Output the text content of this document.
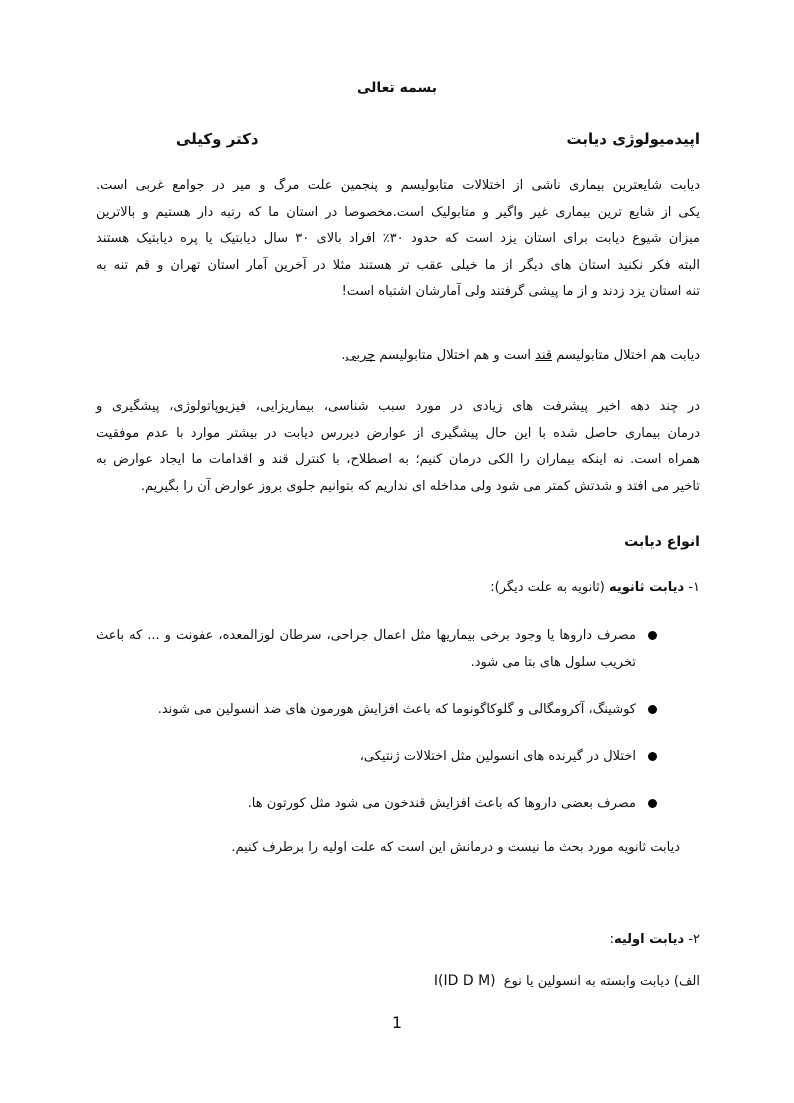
بسمه تعالی
اپیدمیولوژی دیابت
دکتر وکیلی
دیابت شایعترین بیماری ناشی از اختلالات متابولیسم و پنجمین علت مرگ و میر در جوامع غربی است.
یکی از شایع ترین بیماری غیر واگیر و متابولیک است.مخصوصا در استان ما که رتبه دار هستیم و بالاترین
میزان شیوع دیابت برای استان یزد است که حدود ۳۰٪ افراد بالای ۳۰ سال دیابتیک یا پره دیابتیک هستند
البته فکر نکنید استان های دیگر از ما خیلی عقب تر هستند مثلا در آخرین آمار استان تهران و قم تنه به
تنه استان یزد زدند و از ما پیشی گرفتند ولی آمارشان اشتباه است!
دیابت هم اختلال متابولیسم قند است و هم اختلال متابولیسم چربی.
در چند دهه اخیر پیشرفت های زیادی در مورد سبب شناسی، بیماریزایی، فیزیوپاتولوژی، پیشگیری و
درمان بیماری حاصل شده با این حال پیشگیری از عوارض دیررس دیابت در بیشتر موارد با عدم موفقیت
همراه است. نه اینکه بیماران را الکی درمان کنیم؛ به اصطلاح، با کنترل قند و اقدامات ما ایجاد عوارض به
تاخیر می افتد و شدتش کمتر می شود ولی مداخله ای نداریم که بتوانیم جلوی بروز عوارض آن را بگیریم.
انواع دیابت
۱- دیابت ثانویه (ثانویه به علت دیگر):
مصرف داروها یا وجود برخی بیماریها مثل اعمال جراحی، سرطان لوزالمعده، عفونت و ... که باعث تخریب سلول های بتا می شود.
کوشینگ، آکرومگالی و گلوکاگونوما که باعث افزایش هورمون های ضد انسولین می شوند.
اختلال در گیرنده های انسولین مثل اختلالات ژنتیکی،
مصرف بعضی داروها که باعث افزایش قندخون می شود مثل کورتون ها.
دیابت ثانویه مورد بحث ما نیست و درمانش این است که علت اولیه را برطرف کنیم.
۲- دیابت اولیه:
الف) دیابت وابسته به انسولین یا نوع I(ID D M)
1
